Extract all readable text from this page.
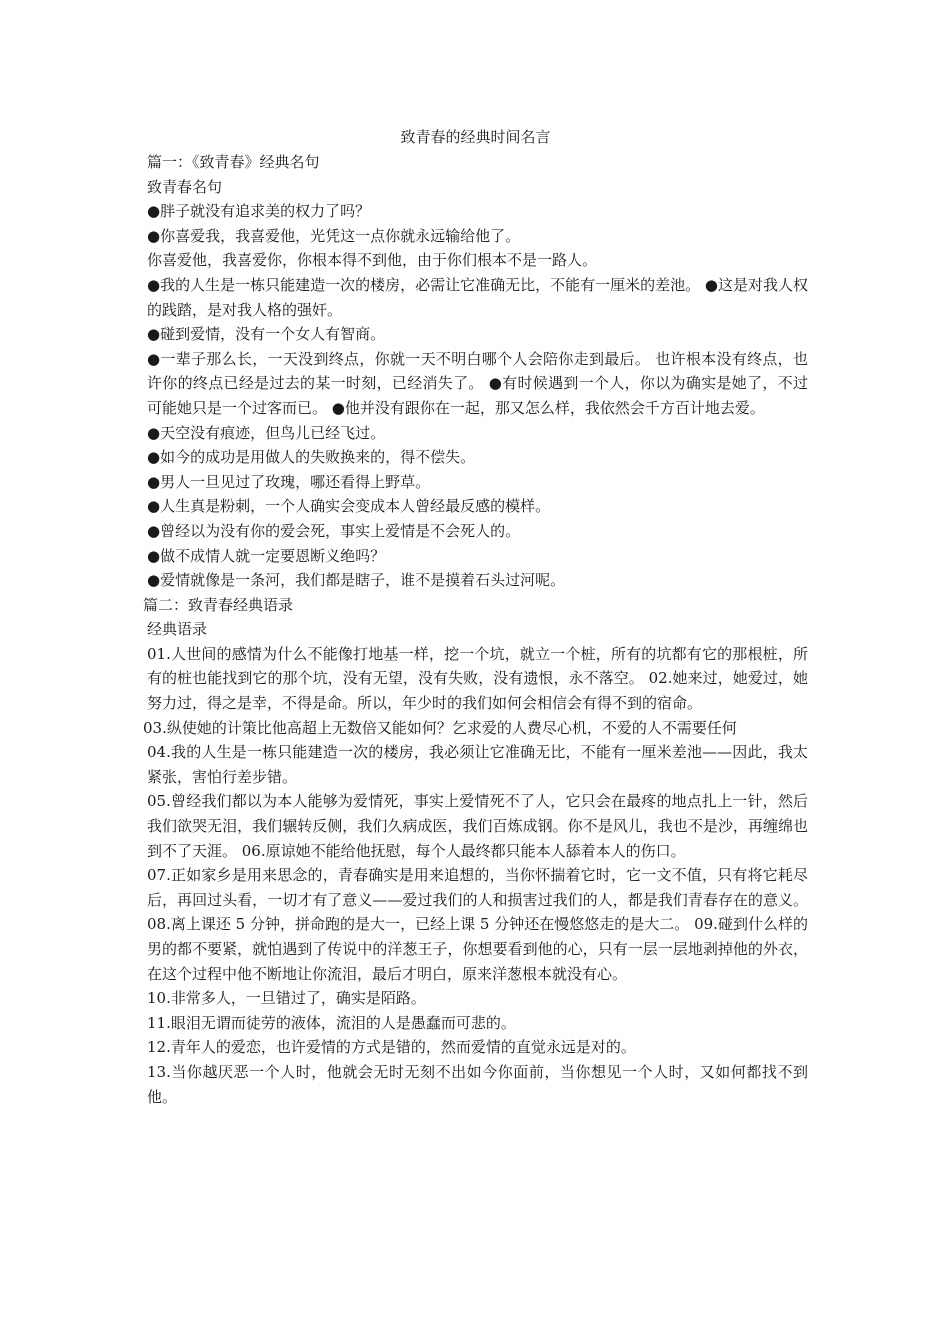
致青春的经典时间名言

篇一：《致青春》经典名句

致青春名句

●胖子就没有追求美的权力了吗？

●你喜爱我，我喜爱他，光凭这一点你就永远输给他了。

你喜爱他，我喜爱你，你根本得不到他，由于你们根本不是一路人。

●我的人生是一栋只能建造一次的楼房，必需让它准确无比，不能有一厘米的差池。 ●这是对我人权的践踏，是对我人格的强奸。

●碰到爱情，没有一个女人有智商。

●一辈子那么长，一天没到终点，你就一天不明白哪个人会陪你走到最后。 也许根本没有终点，也许你的终点已经是过去的某一时刻，已经消失了。 ●有时候遇到一个人，你以为确实是她了，不过可能她只是一个过客而已。 ●他并没有跟你在一起，那又怎么样，我依然会千方百计地去爱。

●天空没有痕迹，但鸟儿已经飞过。

●如今的成功是用做人的失败换来的，得不偿失。

●男人一旦见过了玫瑰，哪还看得上野草。

●人生真是粉刺，一个人确实会变成本人曾经最反感的模样。

●曾经以为没有你的爱会死，事实上爱情是不会死人的。

●做不成情人就一定要恩断义绝吗？

●爱情就像是一条河，我们都是瞎子，谁不是摸着石头过河呢。

篇二：致青春经典语录

经典语录

01.人世间的感情为什么不能像打地基一样，挖一个坑，就立一个桩，所有的坑都有它的那根桩，所有的桩也能找到它的那个坑，没有无望，没有失败，没有遗恨，永不落空。 02.她来过，她爱过，她努力过，得之是幸，不得是命。所以，年少时的我们如何会相信会有得不到的宿命。

03.纵使她的计策比他高超上无数倍又能如何？乞求爱的人费尽心机，不爱的人不需要任何

04.我的人生是一栋只能建造一次的楼房，我必须让它准确无比，不能有一厘米差池——因此，我太紧张，害怕行差步错。

05.曾经我们都以为本人能够为爱情死，事实上爱情死不了人，它只会在最疼的地点扎上一针，然后我们欲哭无泪，我们辗转反侧，我们久病成医，我们百炼成钢。你不是风儿，我也不是沙，再缠绵也到不了天涯。 06.原谅她不能给他抚慰，每个人最终都只能本人舔着本人的伤口。

07.正如家乡是用来思念的，青春确实是用来追想的，当你怀揣着它时，它一文不值，只有将它耗尽后，再回过头看，一切才有了意义——爱过我们的人和损害过我们的人，都是我们青春存在的意义。 08.离上课还 5 分钟，拼命跑的是大一，已经上课 5 分钟还在慢悠悠走的是大二。 09.碰到什么样的男的都不要紧，就怕遇到了传说中的洋葱王子，你想要看到他的心，只有一层一层地剥掉他的外衣，在这个过程中他不断地让你流泪，最后才明白，原来洋葱根本就没有心。

10.非常多人，一旦错过了，确实是陌路。

11.眼泪无谓而徒劳的液体，流泪的人是愚蠢而可悲的。

12.青年人的爱恋，也许爱情的方式是错的，然而爱情的直觉永远是对的。

13.当你越厌恶一个人时，他就会无时无刻不出如今你面前，当你想见一个人时，又如何都找不到他。
